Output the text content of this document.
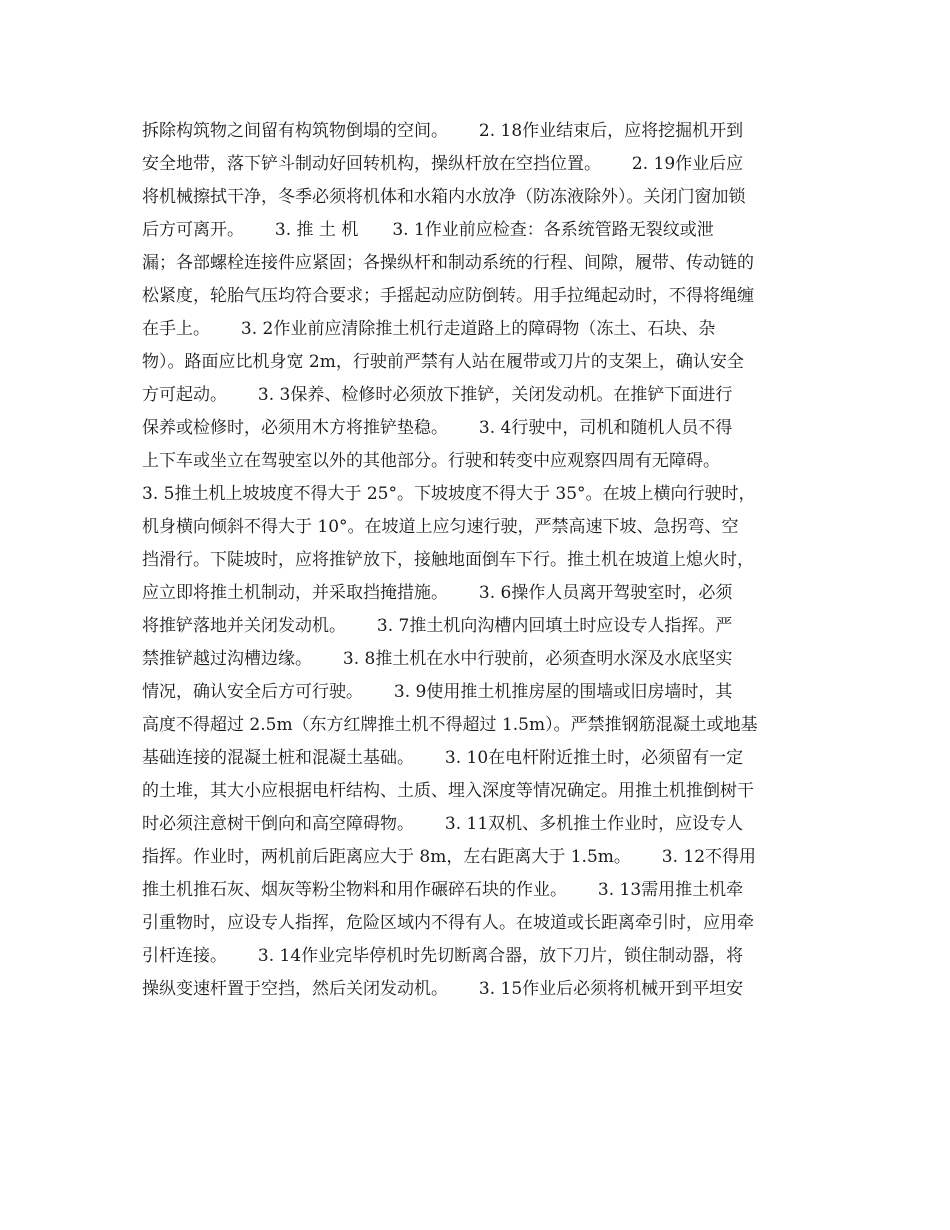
拆除构筑物之间留有构筑物倒塌的空间。　　 2. 18作业结束后，应将挖掘机开到
安全地带，落下铲斗制动好回转机构，操纵杆放在空挡位置。　　 2. 19作业后应
将机械擦拭干净，冬季必须将机体和水箱内水放净（防冻液除外）。关闭门窗加锁
后方可离开。　　 3. 推 土 机　　3. 1作业前应检查：各系统管路无裂纹或泄
漏；各部螺栓连接件应紧固；各操纵杆和制动系统的行程、间隙，履带、传动链的
松紧度，轮胎气压均符合要求；手摇起动应防倒转。用手拉绳起动时，不得将绳缠
在手上。　　 3. 2作业前应清除推土机行走道路上的障碍物（冻土、石块、杂
物）。路面应比机身宽 2m，行驶前严禁有人站在履带或刀片的支架上，确认安全
方可起动。　　 3. 3保养、检修时必须放下推铲，关闭发动机。在推铲下面进行
保养或检修时，必须用木方将推铲垫稳。　　 3. 4行驶中，司机和随机人员不得
上下车或坐立在驾驶室以外的其他部分。行驶和转变中应观察四周有无障碍。
3. 5推土机上坡坡度不得大于 25°。下坡坡度不得大于 35°。在坡上横向行驶时，
机身横向倾斜不得大于 10°。在坡道上应匀速行驶，严禁高速下坡、急拐弯、空
挡滑行。下陡坡时，应将推铲放下，接触地面倒车下行。推土机在坡道上熄火时，
应立即将推土机制动，并采取挡掩措施。　　 3. 6操作人员离开驾驶室时，必须
将推铲落地并关闭发动机。　　 3. 7推土机向沟槽内回填土时应设专人指挥。严
禁推铲越过沟槽边缘。　　 3. 8推土机在水中行驶前，必须查明水深及水底坚实
情况，确认安全后方可行驶。　　 3. 9使用推土机推房屋的围墙或旧房墙时，其
高度不得超过 2.5m（东方红牌推土机不得超过 1.5m）。严禁推钢筋混凝土或地基
基础连接的混凝土桩和混凝土基础。　　 3. 10在电杆附近推土时，必须留有一定
的土堆，其大小应根据电杆结构、土质、埋入深度等情况确定。用推土机推倒树干
时必须注意树干倒向和高空障碍物。　　 3. 11双机、多机推土作业时，应设专人
指挥。作业时，两机前后距离应大于 8m，左右距离大于 1.5m。　　 3. 12不得用
推土机推石灰、烟灰等粉尘物料和用作碾碎石块的作业。　　 3. 13需用推土机牵
引重物时，应设专人指挥，危险区域内不得有人。在坡道或长距离牵引时，应用牵
引杆连接。　　 3. 14作业完毕停机时先切断离合器，放下刀片，锁住制动器，将
操纵变速杆置于空挡，然后关闭发动机。　　 3. 15作业后必须将机械开到平坦安
